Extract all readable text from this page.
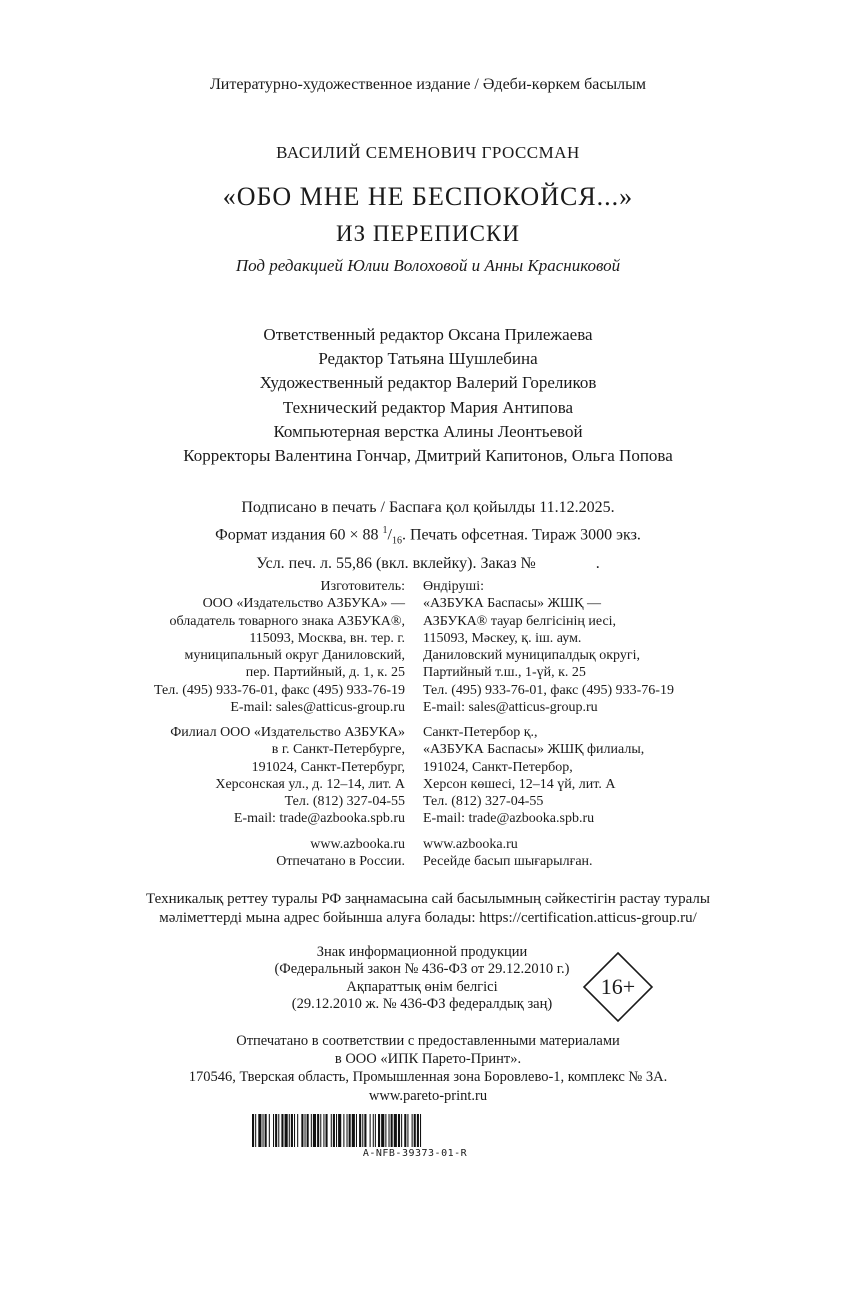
Литературно-художественное издание / Әдеби-көркем басылым
ВАСИЛИЙ СЕМЕНОВИЧ ГРОССМАН
«ОБО МНЕ НЕ БЕСПОКОЙСЯ...»
ИЗ ПЕРЕПИСКИ
Под редакцией Юлии Волоховой и Анны Красниковой
Ответственный редактор Оксана Прилежаева
Редактор Татьяна Шушлебина
Художественный редактор Валерий Гореликов
Технический редактор Мария Антипова
Компьютерная верстка Алины Леонтьевой
Корректоры Валентина Гончар, Дмитрий Капитонов, Ольга Попова
Подписано в печать / Баспаға қол қойылды 11.12.2025.
Формат издания 60 × 88 $^1/_{16}$. Печать офсетная. Тираж 3000 экз.
Усл. печ. л. 55,86 (вкл. вклейку). Заказ №               .
Изготовитель:
ООО «Издательство АЗБУКА» —
обладатель товарного знака АЗБУКА®,
115093, Москва, вн. тер. г.
муниципальный округ Даниловский,
пер. Партийный, д. 1, к. 25
Тел. (495) 933-76-01, факс (495) 933-76-19
E-mail: sales@atticus-group.ru
Өндіруші:
«АЗБУКА Баспасы» ЖШҚ —
АЗБУКА® тауар белгісінің иесі,
115093, Мәскеу, қ. іш. аум.
Даниловский муниципалдық округі,
Партийный т.ш., 1-үй, к. 25
Тел. (495) 933-76-01, факс (495) 933-76-19
E-mail: sales@atticus-group.ru
Филиал ООО «Издательство АЗБУКА»
в г. Санкт-Петербурге,
191024, Санкт-Петербург,
Херсонская ул., д. 12–14, лит. А
Тел. (812) 327-04-55
E-mail: trade@azbooka.spb.ru
Санкт-Петербор қ.,
«АЗБУКА Баспасы» ЖШҚ филиалы,
191024, Санкт-Петербор,
Херсон көшесі, 12–14 үй, лит. А
Тел. (812) 327-04-55
E-mail: trade@azbooka.spb.ru
www.azbooka.ru
Отпечатано в России.
www.azbooka.ru
Ресейде басып шығарылған.
Техникалық реттеу туралы РФ заңнамасына сай басылымның сәйкестігін растау туралы
мәліметтерді мына адрес бойынша алуға болады: https://certification.atticus-group.ru/
Знак информационной продукции
(Федеральный закон № 436-ФЗ от 29.12.2010 г.)
Ақпараттық өнім белгісі
(29.12.2010 ж. № 436-ФЗ федералдық заң)
16+
Отпечатано в соответствии с предоставленными материалами
в ООО «ИПК Парето-Принт».
170546, Тверская область, Промышленная зона Боровлево-1, комплекс № 3А.
www.pareto-print.ru
A-NFB-39373-01-R
